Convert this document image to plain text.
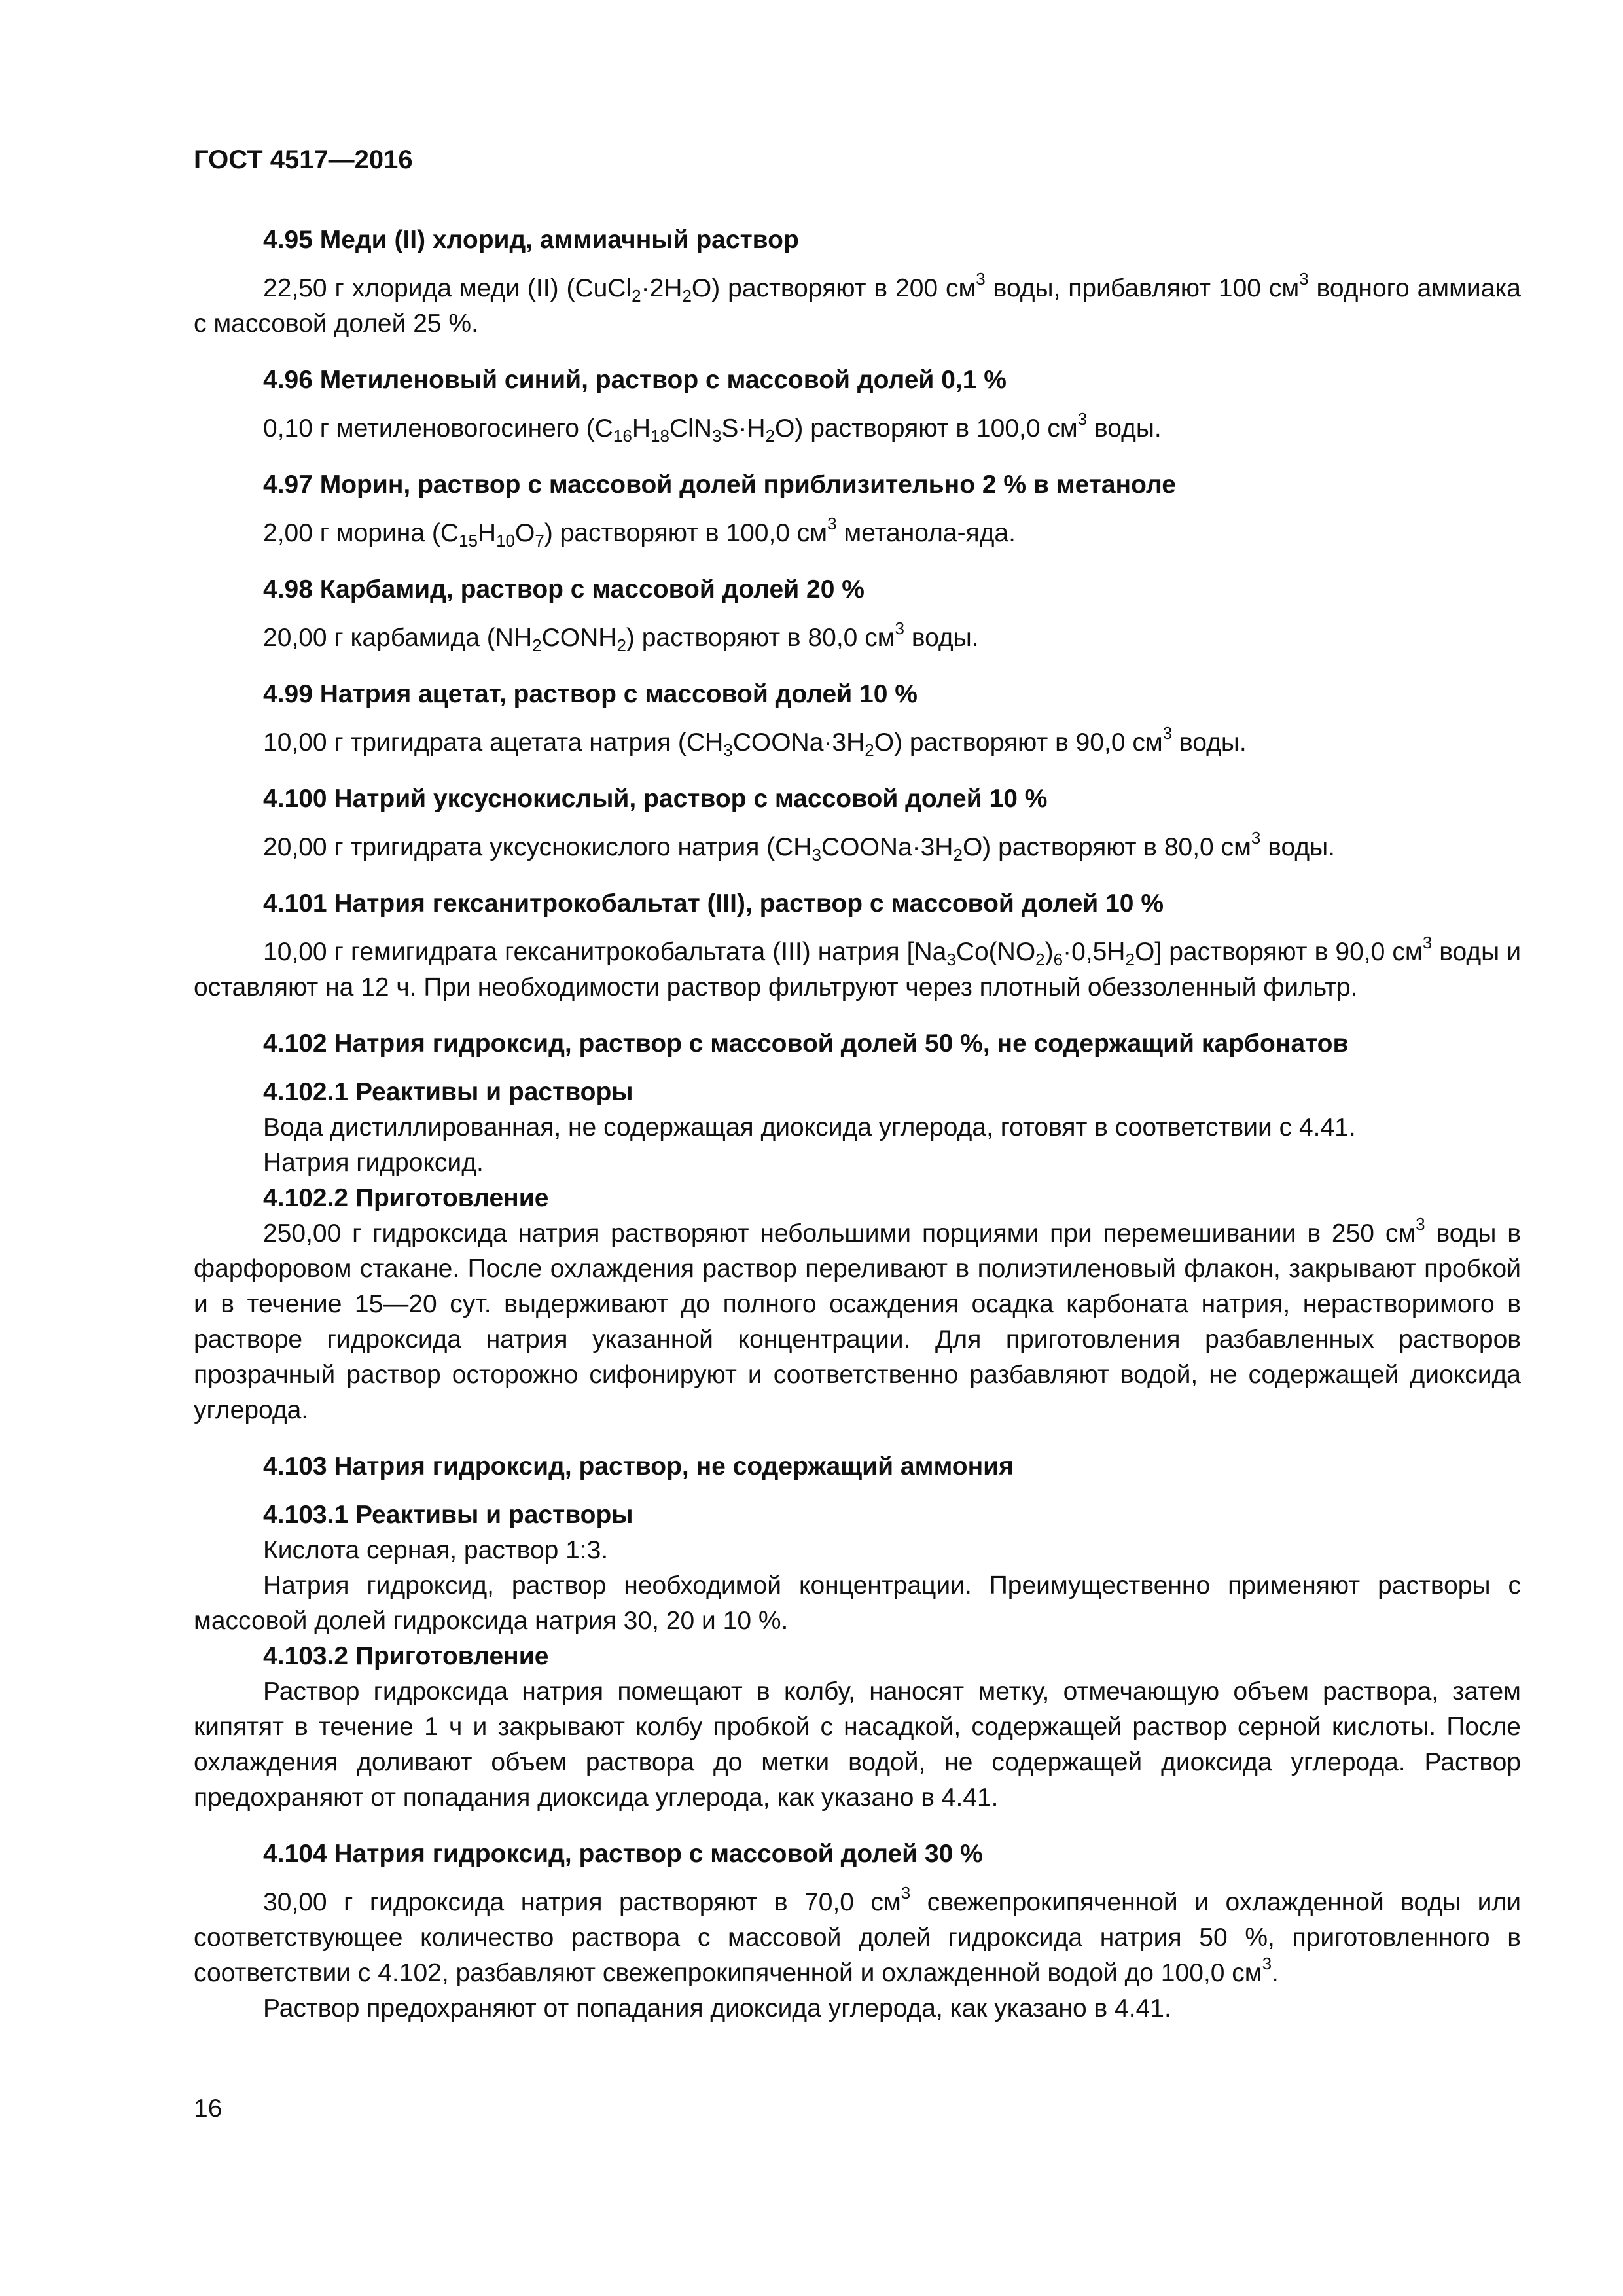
ГОСТ 4517—2016

4.95 Меди (II) хлорид, аммиачный раствор

22,50 г хлорида меди (II) $(CuCl_2\cdot 2H_2O)$ растворяют в 200 $см^3$ воды, прибавляют 100 $см^3$ водного аммиака с массовой долей 25 %.

4.96 Метиленовый синий, раствор с массовой долей 0,1 %

0,10 г метиленовогосинего $(C_{16}H_{18}ClN_3S\cdot H_2O)$ растворяют в 100,0 $см^3$ воды.

4.97 Морин, раствор с массовой долей приблизительно 2 % в метаноле

2,00 г морина $(C_{15}H_{10}O_7)$ растворяют в 100,0 $см^3$ метанола-яда.

4.98 Карбамид, раствор с массовой долей 20 %

20,00 г карбамида $(NH_2CONH_2)$ растворяют в 80,0 $см^3$ воды.

4.99 Натрия ацетат, раствор с массовой долей 10 %

10,00 г тригидрата ацетата натрия $(CH_3COONa\cdot 3H_2O)$ растворяют в 90,0 $см^3$ воды.

4.100 Натрий уксуснокислый, раствор с массовой долей 10 %

20,00 г тригидрата уксуснокислого натрия $(CH_3COONa\cdot 3H_2O)$ растворяют в 80,0 $см^3$ воды.

4.101 Натрия гексанитрокобальтат (III), раствор с массовой долей 10 %

10,00 г гемигидрата гексанитрокобальтата (III) натрия $[Na_3Co(NO_2)_6\cdot 0,5H_2O]$ растворяют в 90,0 $см^3$ воды и оставляют на 12 ч. При необходимости раствор фильтруют через плотный обеззоленный фильтр.

4.102 Натрия гидроксид, раствор с массовой долей 50 %, не содержащий карбонатов

4.102.1 Реактивы и растворы

Вода дистиллированная, не содержащая диоксида углерода, готовят в соответствии с 4.41.

Натрия гидроксид.

4.102.2 Приготовление

250,00 г гидроксида натрия растворяют небольшими порциями при перемешивании в 250 $см^3$ воды в фарфоровом стакане. После охлаждения раствор переливают в полиэтиленовый флакон, закрывают пробкой и в течение 15—20 сут. выдерживают до полного осаждения осадка карбоната натрия, нерастворимого в растворе гидроксида натрия указанной концентрации. Для приготовления разбавленных растворов прозрачный раствор осторожно сифонируют и соответственно разбавляют водой, не содержащей диоксида углерода.

4.103 Натрия гидроксид, раствор, не содержащий аммония

4.103.1 Реактивы и растворы

Кислота серная, раствор 1:3.

Натрия гидроксид, раствор необходимой концентрации. Преимущественно применяют растворы с массовой долей гидроксида натрия 30, 20 и 10 %.

4.103.2 Приготовление

Раствор гидроксида натрия помещают в колбу, наносят метку, отмечающую объем раствора, затем кипятят в течение 1 ч и закрывают колбу пробкой с насадкой, содержащей раствор серной кислоты. После охлаждения доливают объем раствора до метки водой, не содержащей диоксида углерода. Раствор предохраняют от попадания диоксида углерода, как указано в 4.41.

4.104 Натрия гидроксид, раствор с массовой долей 30 %

30,00 г гидроксида натрия растворяют в 70,0 $см^3$ свежепрокипяченной и охлажденной воды или соответствующее количество раствора с массовой долей гидроксида натрия 50 %, приготовленного в соответствии с 4.102, разбавляют свежепрокипяченной и охлажденной водой до 100,0 $см^3$.

Раствор предохраняют от попадания диоксида углерода, как указано в 4.41.

16
